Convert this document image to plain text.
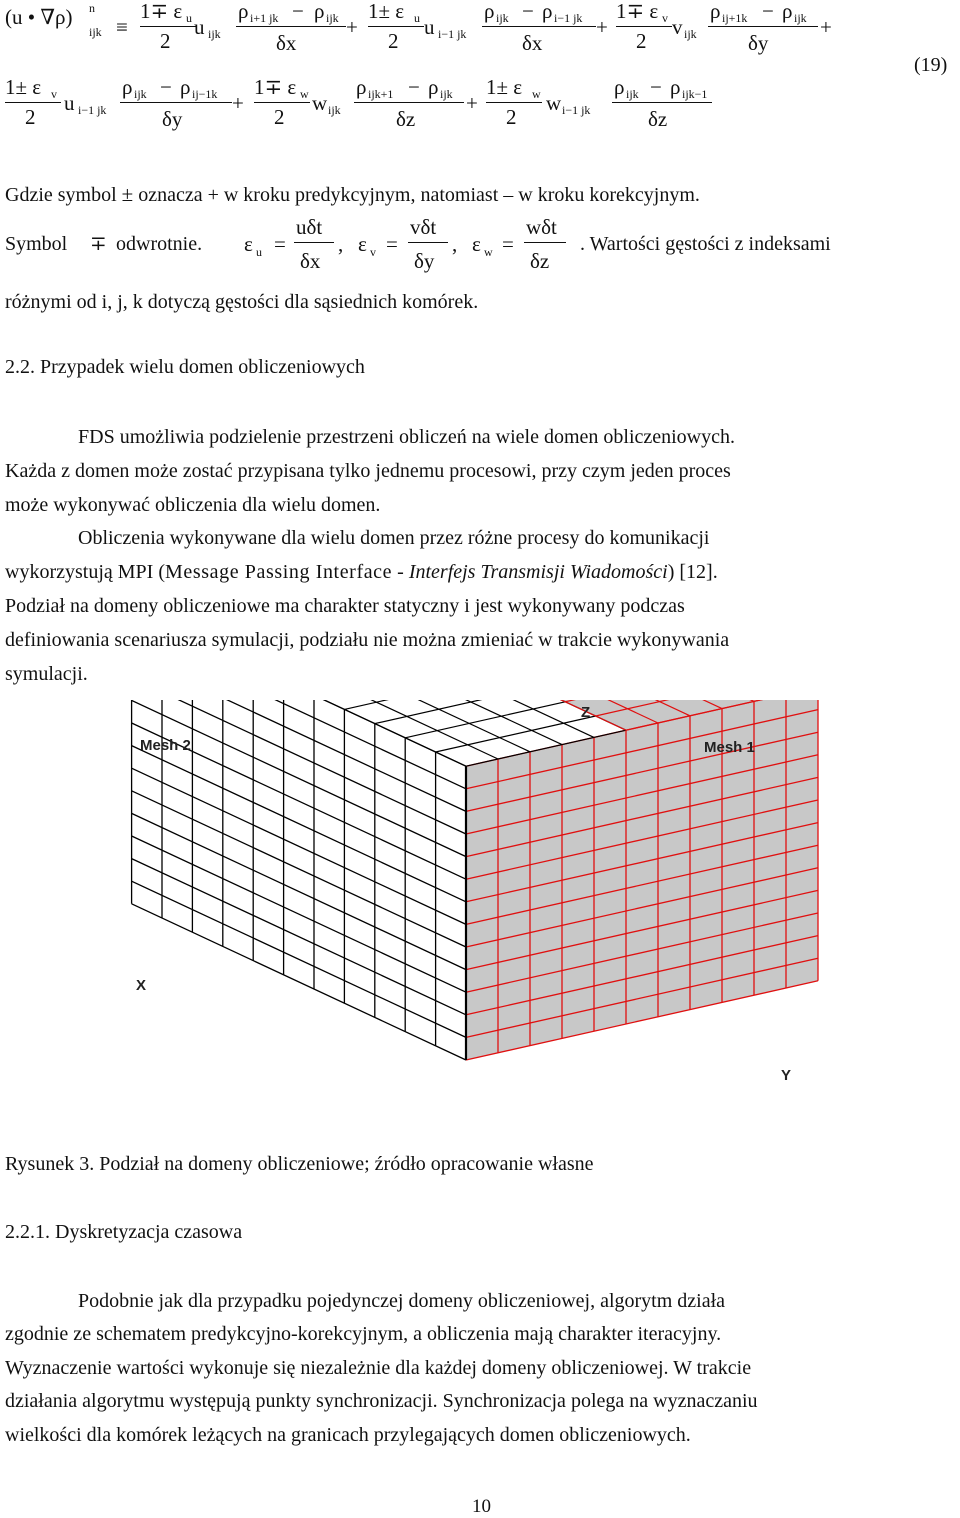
(u • ∇ρ) n
ijk ≡
1∓ ε u
2
u ijk
ρ i+1 jk − ρ ijk
δx
+
1± ε u
2
u i−1 jk
ρ ijk − ρ i−1 jk
δx
+
1∓ ε v
2
v ijk
ρ ij+1k − ρ ijk
δy
+
(19)
1± ε v
2
u i−1 jk
ρ ijk − ρ ij−1k
δy
+
1∓ ε w
2
w ijk
ρ ijk+1 − ρ ijk
δz
+
1± ε w
2
w i−1 jk
ρ ijk − ρ ijk−1
δz
Gdzie symbol ± oznacza + w kroku predykcyjnym, natomiast – w kroku korekcyjnym.
Symbol ∓ odwrotnie. ε u =
uδt
δx
, ε v =
vδt
δy
, ε w =
wδt
δz
. Wartości gęstości z indeksami
różnymi od i, j, k dotyczą gęstości dla sąsiednich komórek.
2.2. Przypadek wielu domen obliczeniowych
FDS umożliwia podzielenie przestrzeni obliczeń na wiele domen obliczeniowych.
Każda z domen może zostać przypisana tylko jednemu procesowi, przy czym jeden proces
może wykonywać obliczenia dla wielu domen.
Obliczenia wykonywane dla wielu domen przez różne procesy do komunikacji
wykorzystują MPI (Message Passing Interface - Interfejs Transmisji Wiadomości) [12].
Podział na domeny obliczeniowe ma charakter statyczny i jest wykonywany podczas
definiowania scenariusza symulacji, podziału nie można zmieniać w trakcie wykonywania
symulacji.
Mesh 2	Mesh 1
Z
X
Y
Rysunek 3. Podział na domeny obliczeniowe; źródło opracowanie własne
2.2.1. Dyskretyzacja czasowa
Podobnie jak dla przypadku pojedynczej domeny obliczeniowej, algorytm działa
zgodnie ze schematem predykcyjno-korekcyjnym, a obliczenia mają charakter iteracyjny.
Wyznaczenie wartości wykonuje się niezależnie dla każdej domeny obliczeniowej. W trakcie
działania algorytmu występują punkty synchronizacji. Synchronizacja polega na wyznaczaniu
wielkości dla komórek leżących na granicach przylegających domen obliczeniowych.
10
